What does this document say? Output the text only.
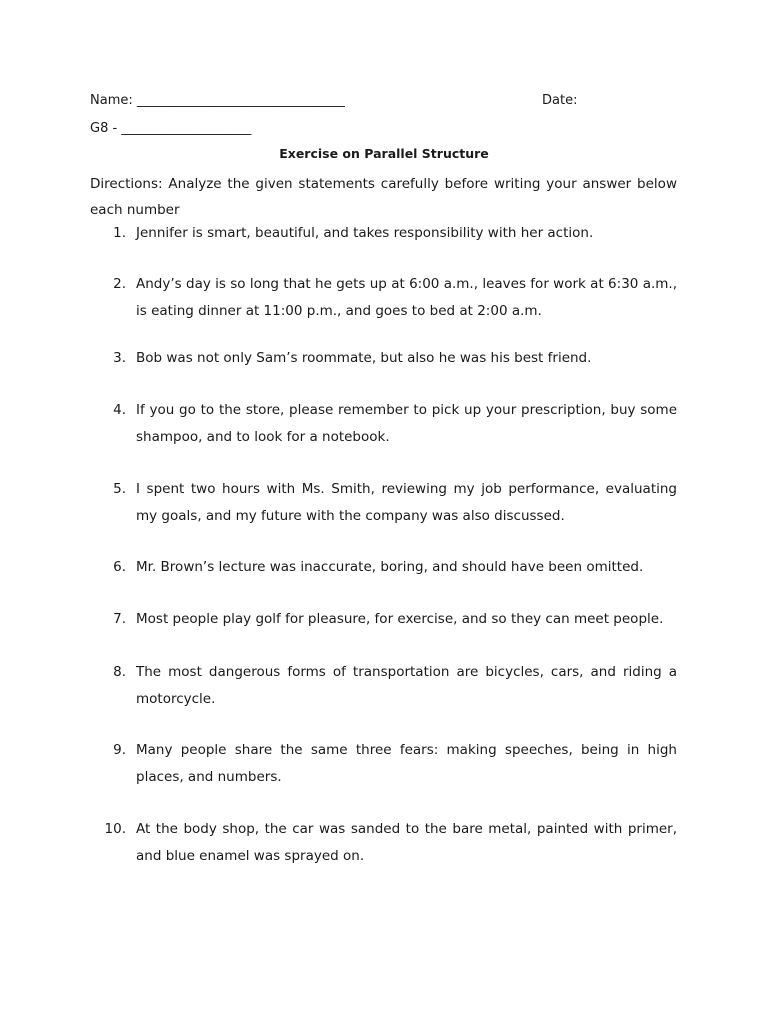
Name: ________________________________	Date:
G8 - ____________________
Exercise on Parallel Structure
Directions: Analyze the given statements carefully before writing your answer below each number
1. Jennifer is smart, beautiful, and takes responsibility with her action.
2. Andy’s day is so long that he gets up at 6:00 a.m., leaves for work at 6:30 a.m., is eating dinner at 11:00 p.m., and goes to bed at 2:00 a.m.
3. Bob was not only Sam’s roommate, but also he was his best friend.
4. If you go to the store, please remember to pick up your prescription, buy some shampoo, and to look for a notebook.
5. I spent two hours with Ms. Smith, reviewing my job performance, evaluating my goals, and my future with the company was also discussed.
6. Mr. Brown’s lecture was inaccurate, boring, and should have been omitted.
7. Most people play golf for pleasure, for exercise, and so they can meet people.
8. The most dangerous forms of transportation are bicycles, cars, and riding a motorcycle.
9. Many people share the same three fears: making speeches, being in high places, and numbers.
10. At the body shop, the car was sanded to the bare metal, painted with primer, and blue enamel was sprayed on.
